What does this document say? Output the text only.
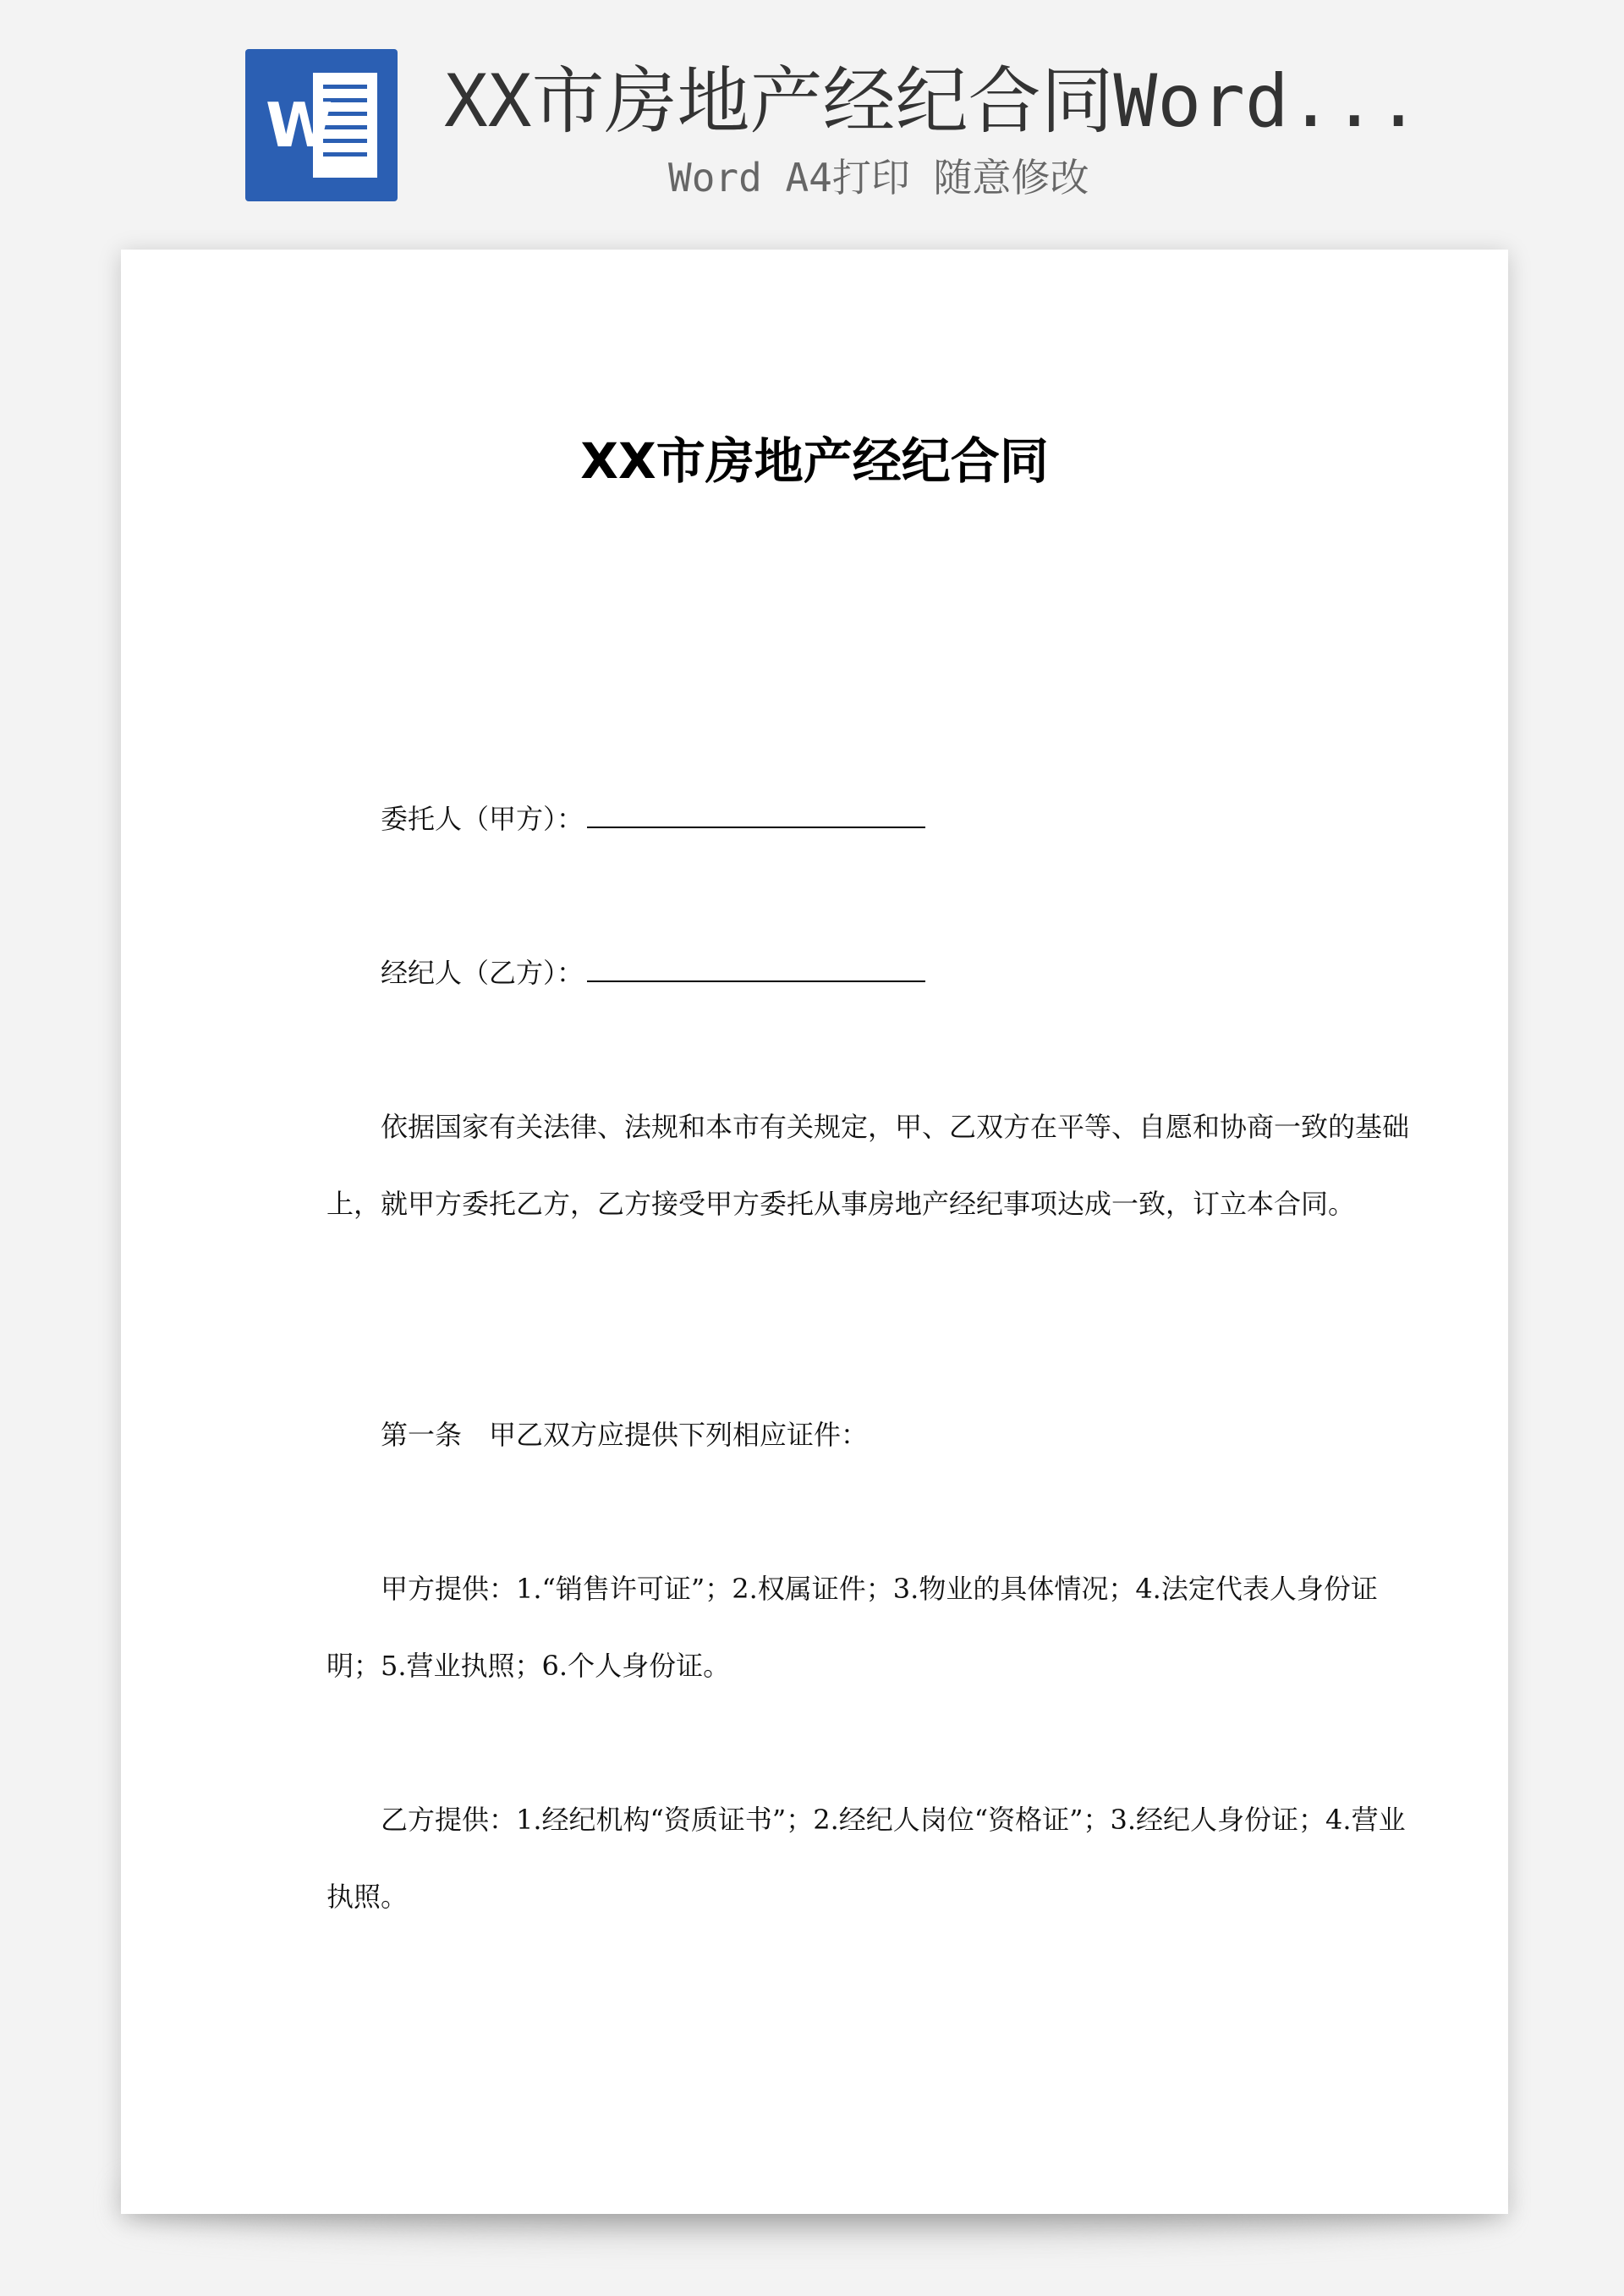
W XX市房地产经纪合同Word...
Word A4打印 随意修改
XX市房地产经纪合同
委托人（甲方）：
经纪人（乙方）：
依据国家有关法律、法规和本市有关规定，甲、乙双方在平等、自愿和协商一致的基础上，就甲方委托乙方，乙方接受甲方委托从事房地产经纪事项达成一致，订立本合同。
第一条　甲乙双方应提供下列相应证件：
甲方提供：1.“销售许可证”；2.权属证件；3.物业的具体情况；4.法定代表人身份证明；5.营业执照；6.个人身份证。
乙方提供：1.经纪机构“资质证书”；2.经纪人岗位“资格证”；3.经纪人身份证；4.营业执照。
